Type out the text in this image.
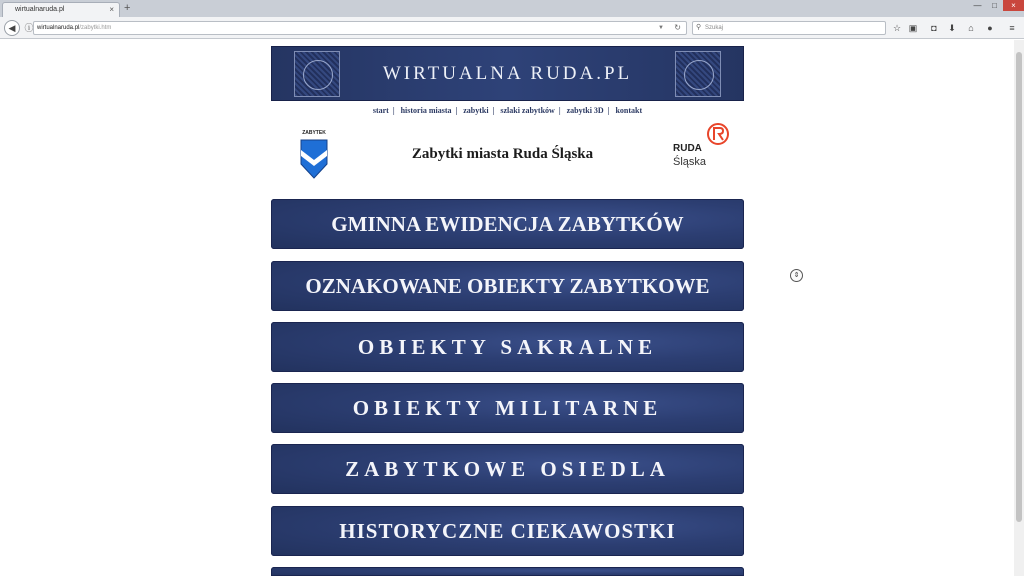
wirtualnaruda.pl	× +	—	□	×
◀	ⓘ wirtualnaruda.pl/zabytki.htm	▼ ↻ ⚲ Szukaj	☆ ▣	◘	⬇	⌂	●	≡
WIRTUALNA RUDA.PL
start | historia miasta | zabytki | szlaki zabytków | zabytki 3D | kontakt
ZABYTEK
Zabytki miasta Ruda Śląska	RUDA
Śląska
GMINNA EWIDENCJA ZABYTKÓW
OZNAKOWANE OBIEKTY ZABYTKOWE
OBIEKTY SAKRALNE
OBIEKTY MILITARNE
ZABYTKOWE OSIEDLA
HISTORYCZNE CIEKAWOSTKI
⇕
